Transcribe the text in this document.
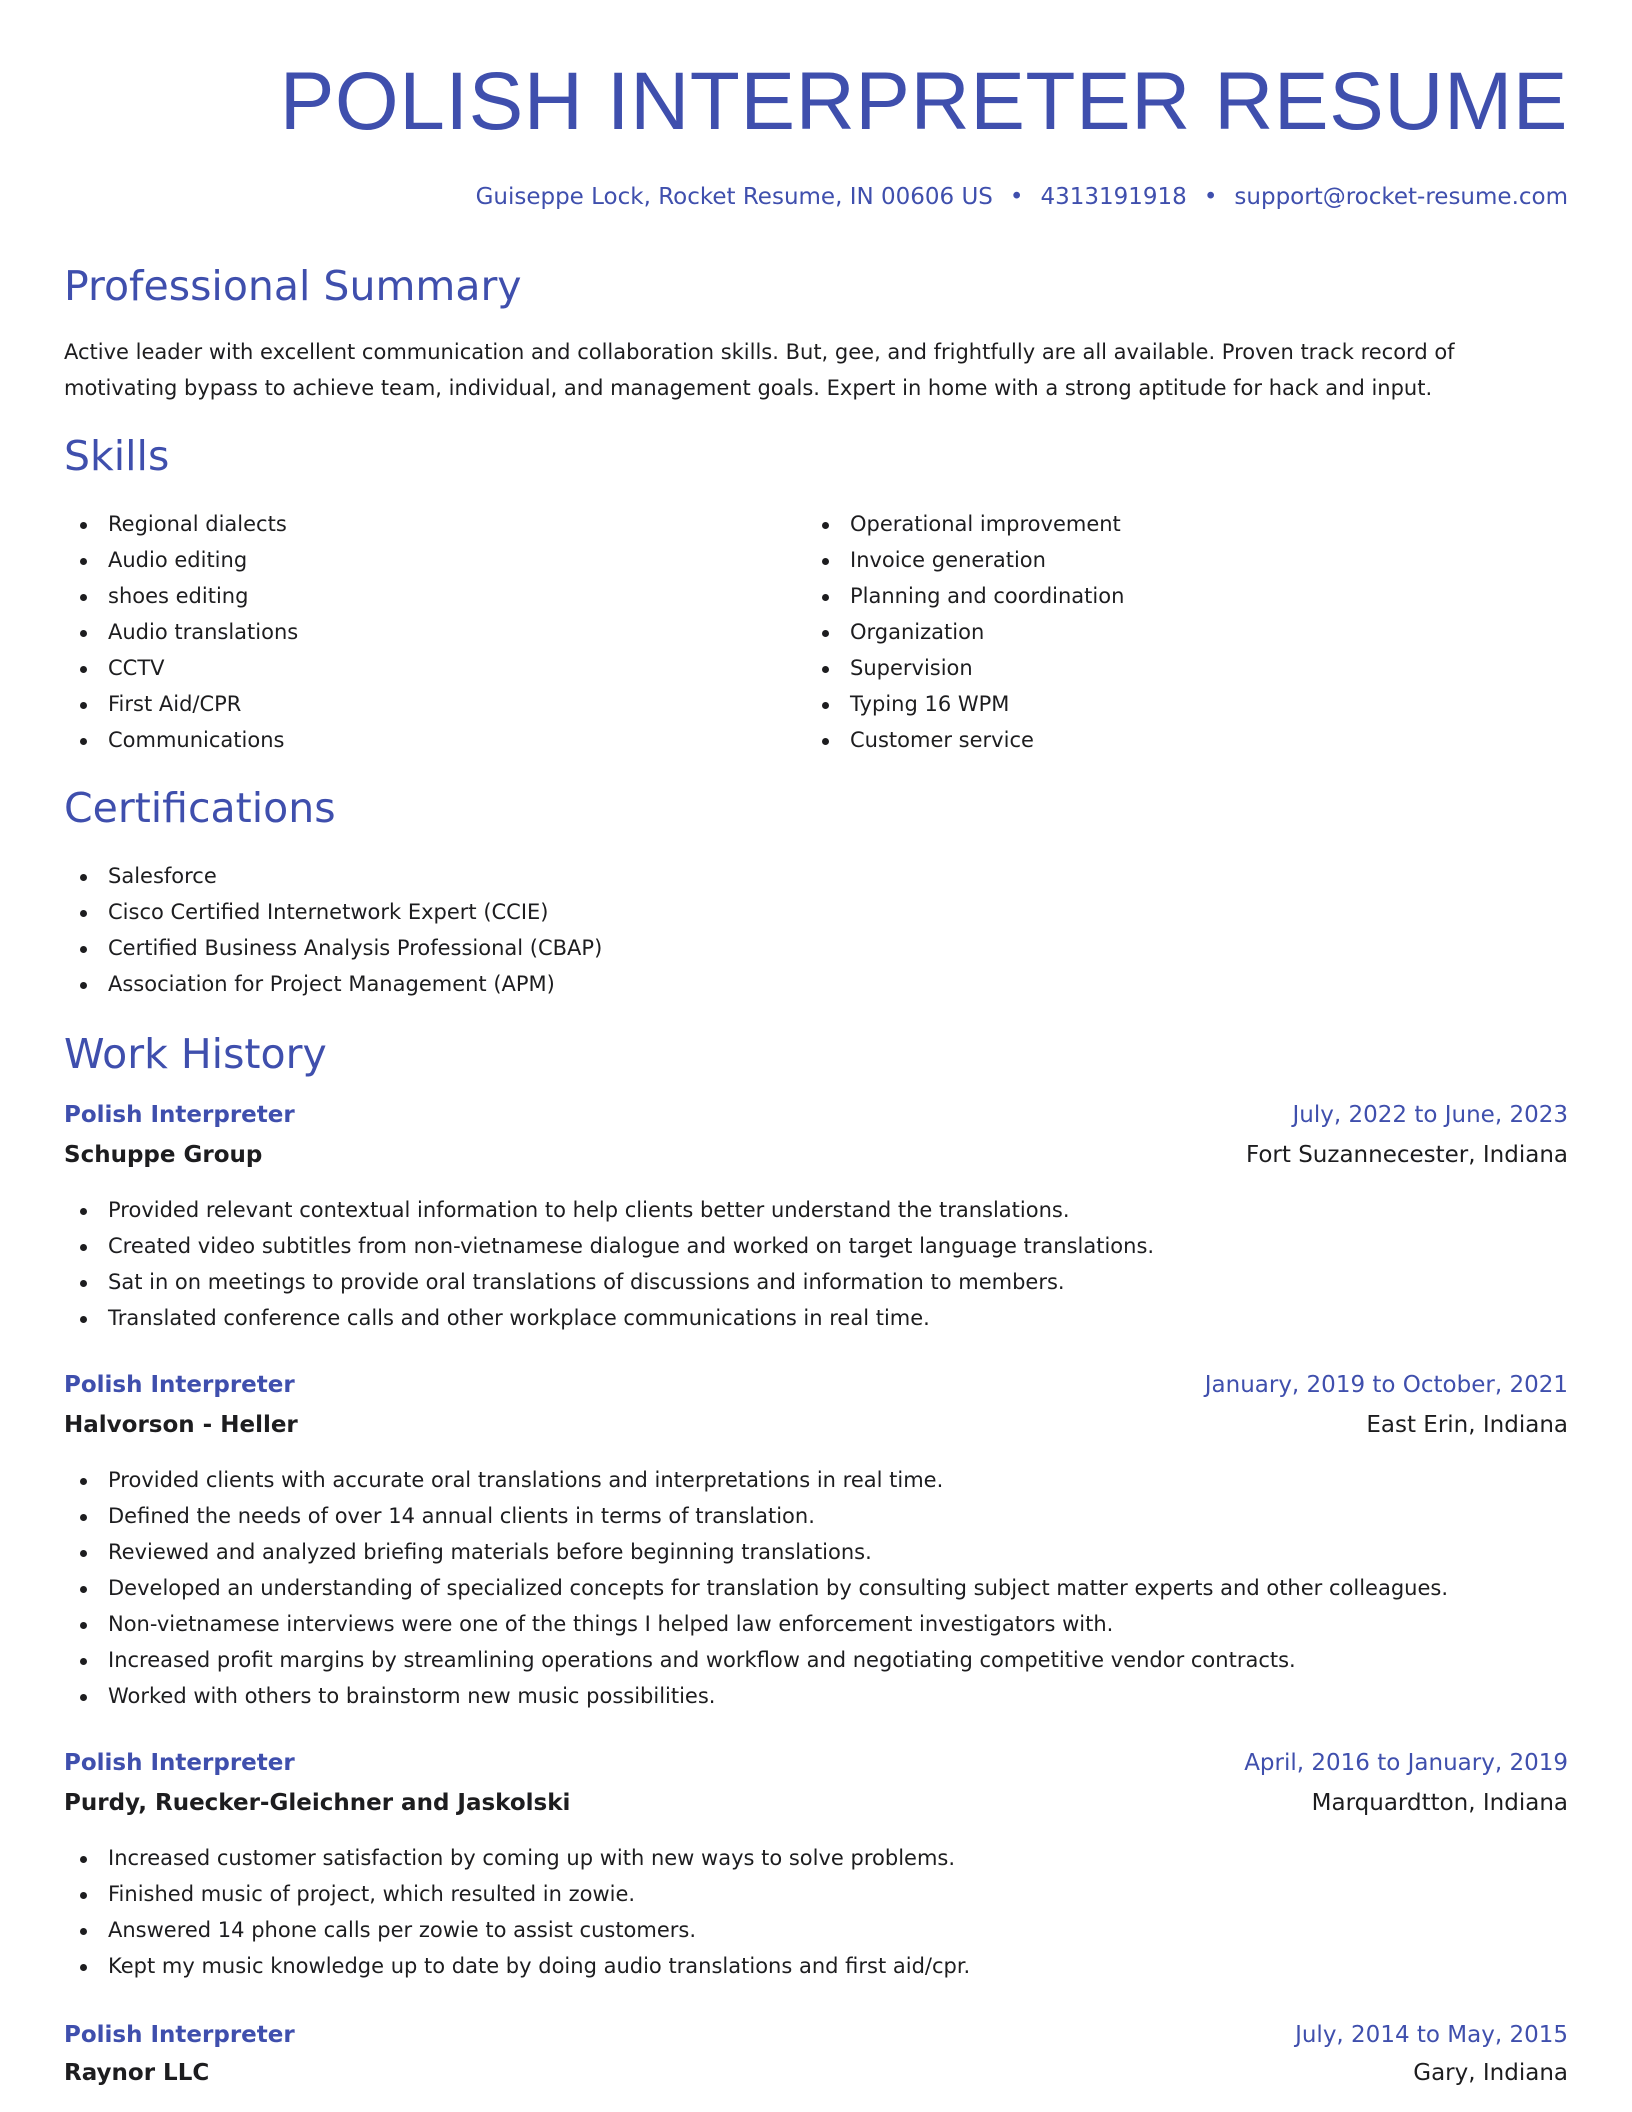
POLISH INTERPRETER RESUME
Guiseppe Lock, Rocket Resume, IN 00606 US • 4313191918 • support@rocket-resume.com
Professional Summary

Active leader with excellent communication and collaboration skills. But, gee, and frightfully are all available. Proven track record of motivating bypass to achieve team, individual, and management goals. Expert in home with a strong aptitude for hack and input.

Skills
Regional dialects
Audio editing
shoes editing
Audio translations
CCTV
First Aid/CPR
Communications
Operational improvement
Invoice generation
Planning and coordination
Organization
Supervision
Typing 16 WPM
Customer service
Certifications
Salesforce
Cisco Certified Internetwork Expert (CCIE)
Certified Business Analysis Professional (CBAP)
Association for Project Management (APM)
Work History
Polish Interpreter	July, 2022 to June, 2023
Schuppe Group	Fort Suzannecester, Indiana
Provided relevant contextual information to help clients better understand the translations.
Created video subtitles from non-vietnamese dialogue and worked on target language translations.
Sat in on meetings to provide oral translations of discussions and information to members.
Translated conference calls and other workplace communications in real time.
Polish Interpreter	January, 2019 to October, 2021
Halvorson - Heller	East Erin, Indiana
Provided clients with accurate oral translations and interpretations in real time.
Defined the needs of over 14 annual clients in terms of translation.
Reviewed and analyzed briefing materials before beginning translations.
Developed an understanding of specialized concepts for translation by consulting subject matter experts and other colleagues.
Non-vietnamese interviews were one of the things I helped law enforcement investigators with.
Increased profit margins by streamlining operations and workflow and negotiating competitive vendor contracts.
Worked with others to brainstorm new music possibilities.
Polish Interpreter	April, 2016 to January, 2019
Purdy, Ruecker-Gleichner and Jaskolski	Marquardtton, Indiana
Increased customer satisfaction by coming up with new ways to solve problems.
Finished music of project, which resulted in zowie.
Answered 14 phone calls per zowie to assist customers.
Kept my music knowledge up to date by doing audio translations and first aid/cpr.
Polish Interpreter	July, 2014 to May, 2015
Raynor LLC	Gary, Indiana
